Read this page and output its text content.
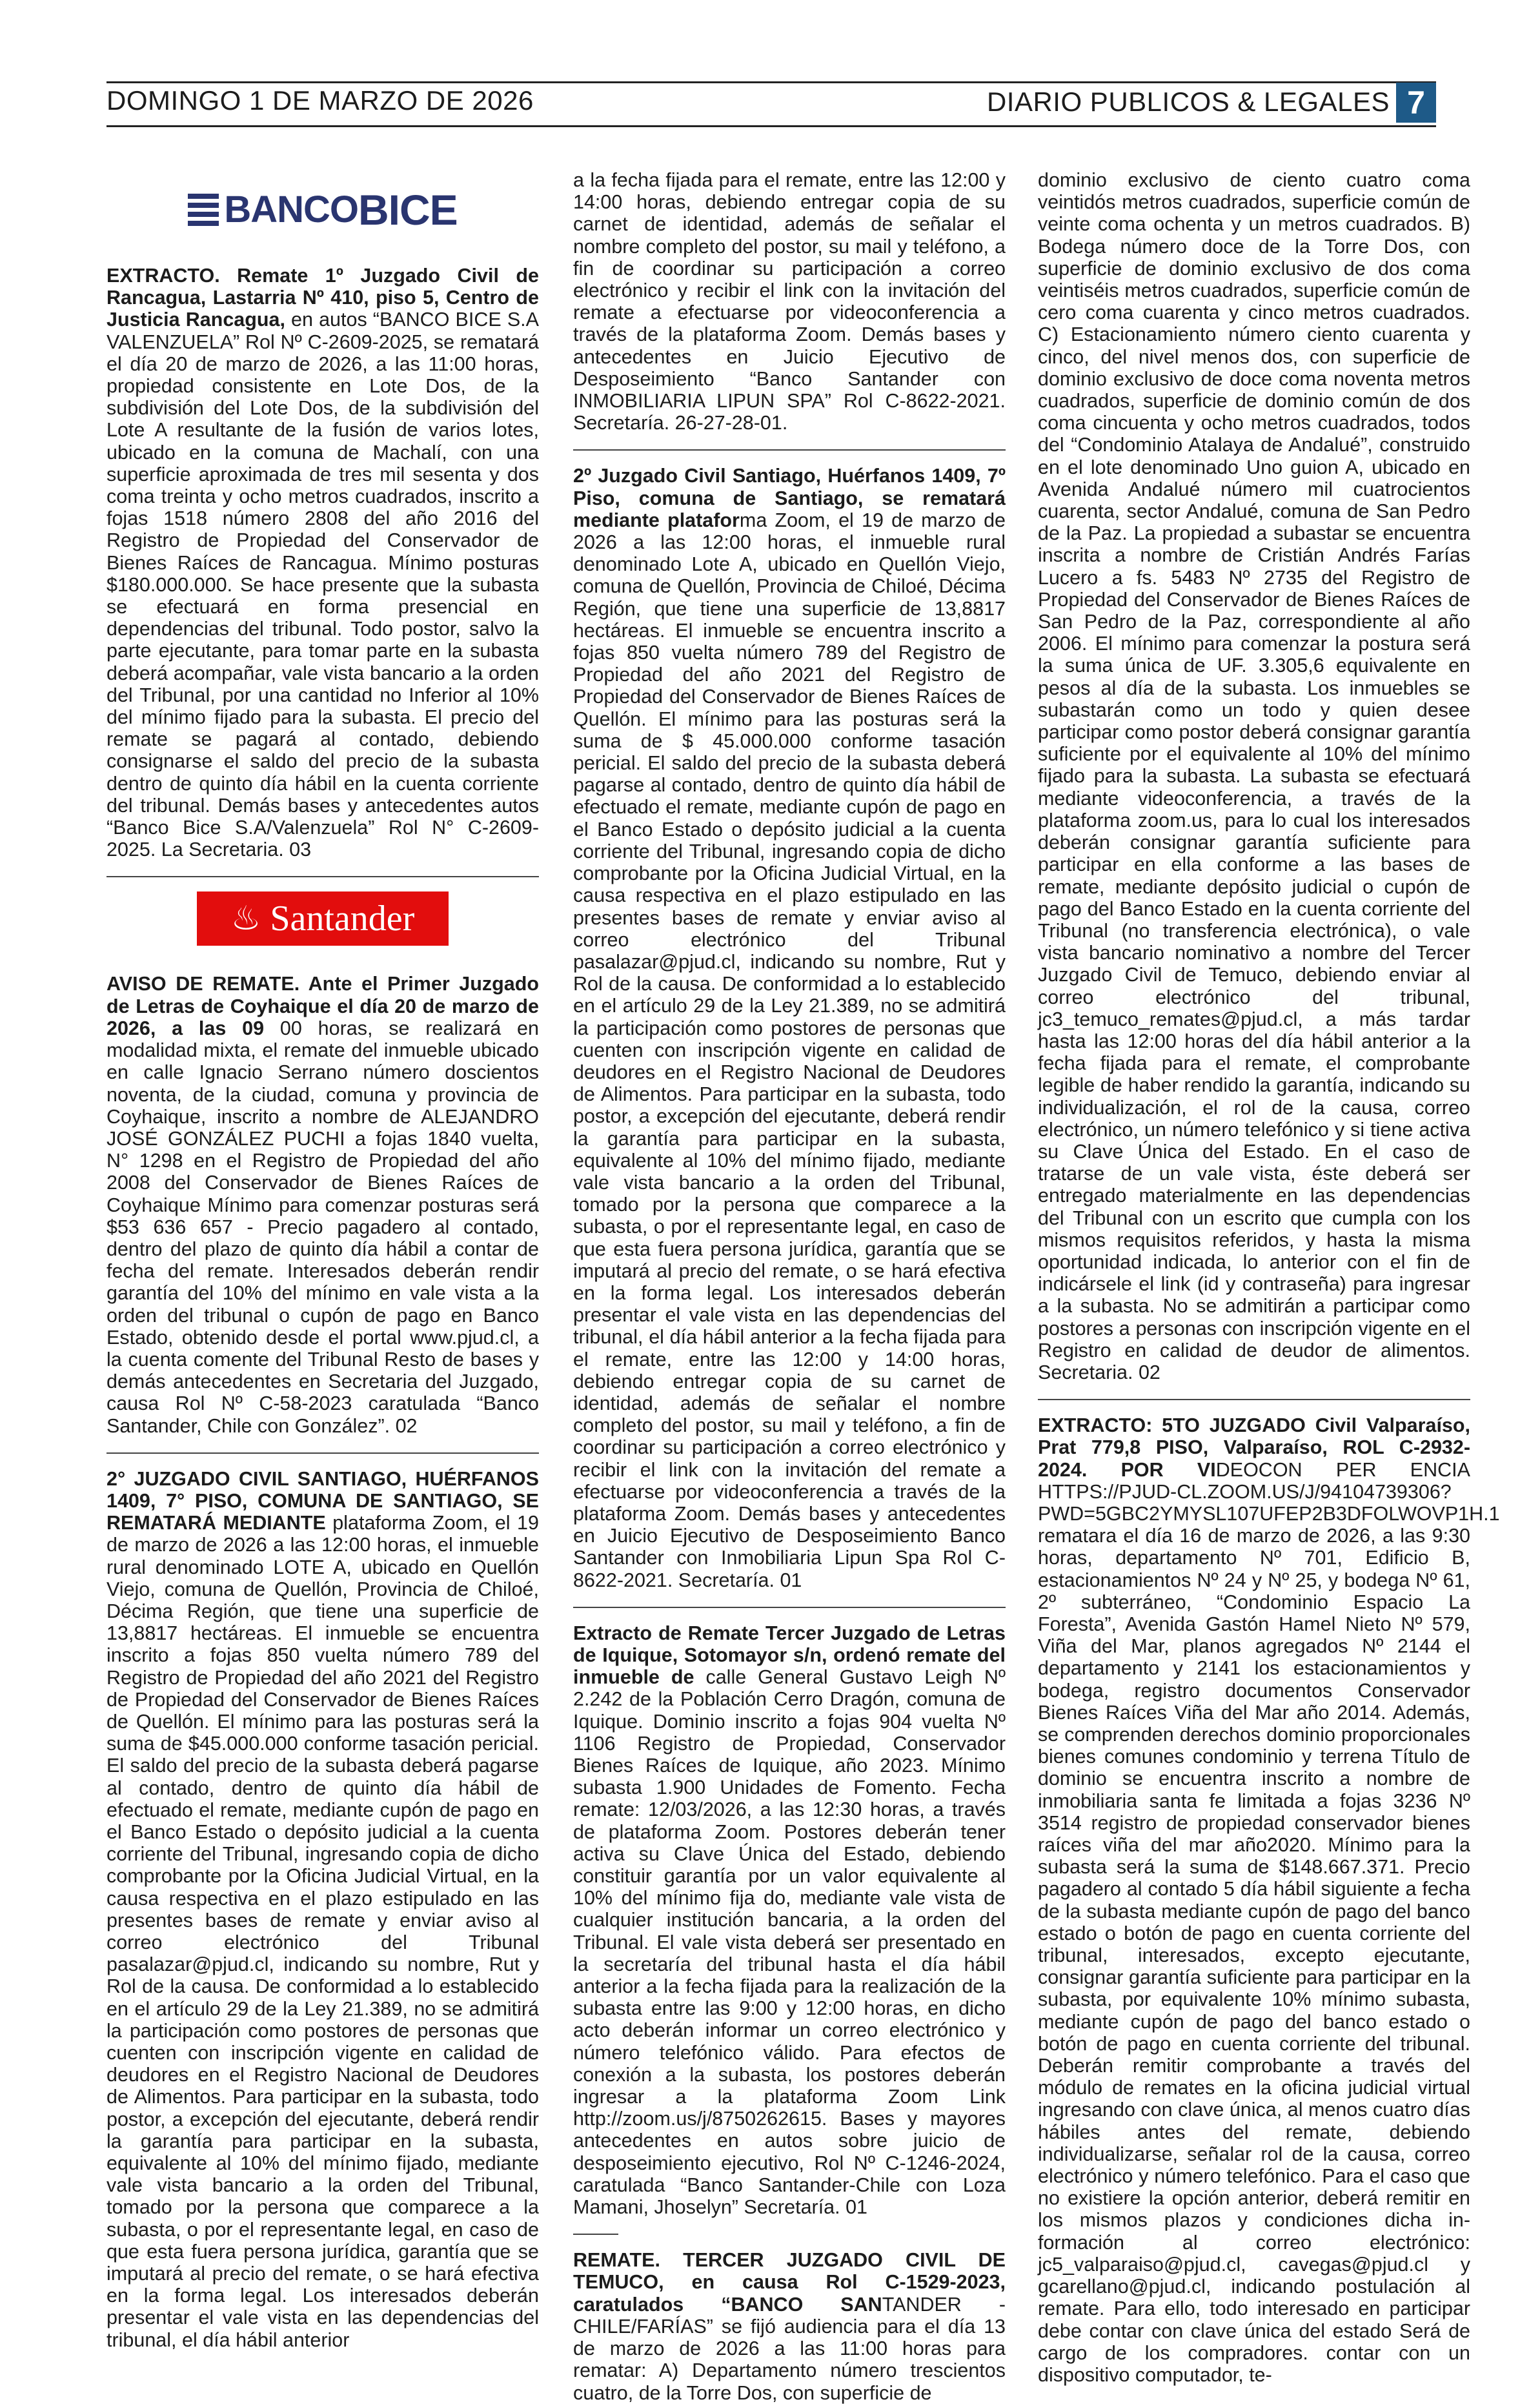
DOMINGO 1 DE MARZO DE 2026	DIARIO PUBLICOS & LEGALES 7
BANCO BICE

EXTRACTO. Remate 1º Juzgado Civil de Rancagua, Lastarria Nº 410, piso 5, Centro de Justicia Rancagua, en autos “BANCO BICE S.A VALENZUELA” Rol Nº C-2609-2025, se rematará el día 20 de marzo de 2026, a las 11:00 horas, propiedad consistente en Lote Dos, de la subdivisión del Lote Dos, de la subdivisión del Lote A resultante de la fusión de varios lotes, ubicado en la comuna de Machalí, con una superficie aproximada de tres mil sesenta y dos coma treinta y ocho metros cuadrados, inscrito a fojas 1518 número 2808 del año 2016 del Registro de Propiedad del Conservador de Bienes Raíces de Rancagua. Mínimo posturas $180.000.000. Se hace presente que la subasta se efectuará en forma presencial en dependencias del tribunal. Todo postor, salvo la parte ejecutante, para tomar parte en la subasta deberá acompañar, vale vista bancario a la orden del Tribunal, por una cantidad no Inferior al 10% del mínimo fijado para la subasta. El precio del remate se pagará al contado, debiendo consignarse el saldo del precio de la subasta dentro de quinto día hábil en la cuenta corriente del tribunal. Demás bases y antecedentes autos “Banco Bice S.A/Valenzuela” Rol N° C-2609-2025. La Secretaria. 03

♨ Santander

AVISO DE REMATE. Ante el Primer Juzgado de Letras de Coyhaique el día 20 de marzo de 2026, a las 09 00 horas, se realizará en modalidad mixta, el remate del inmueble ubicado en calle Ignacio Serrano número doscientos noventa, de la ciudad, comuna y provincia de Coyhaique, inscrito a nombre de ALEJANDRO JOSÉ GONZÁLEZ PUCHI a fojas 1840 vuelta, N° 1298 en el Registro de Propiedad del año 2008 del Conservador de Bienes Raíces de Coyhaique Mínimo para comenzar posturas será $53 636 657 - Precio pagadero al contado, dentro del plazo de quinto día hábil a contar de fecha del remate. Interesados deberán rendir garantía del 10% del mínimo en vale vista a la orden del tribunal o cupón de pago en Banco Estado, obtenido desde el portal www.pjud.cl, a la cuenta comente del Tribunal Resto de bases y demás antecedentes en Secretaria del Juzgado, causa Rol Nº C-58-2023 caratulada “Banco Santander, Chile con González”. 02

2° JUZGADO CIVIL SANTIAGO, HUÉRFANOS 1409, 7° PISO, COMUNA DE SANTIAGO, SE REMATARÁ MEDIANTE plataforma Zoom, el 19 de marzo de 2026 a las 12:00 horas, el inmueble rural denominado LOTE A, ubicado en Quellón Viejo, comuna de Quellón, Provincia de Chiloé, Décima Región, que tiene una superficie de 13,8817 hectáreas. El inmueble se encuentra inscrito a fojas 850 vuelta número 789 del Registro de Propiedad del año 2021 del Registro de Propiedad del Conservador de Bienes Raíces de Quellón. El mínimo para las posturas será la suma de $45.000.000 conforme tasación pericial. El saldo del precio de la subasta deberá pagarse al contado, dentro de quinto día hábil de efectuado el remate, mediante cupón de pago en el Banco Estado o depósito judicial a la cuenta corriente del Tribunal, ingresando copia de dicho comprobante por la Oficina Judicial Virtual, en la causa respectiva en el plazo estipulado en las presentes bases de remate y enviar aviso al correo electrónico del Tribunal pasalazar@pjud.cl, indicando su nombre, Rut y Rol de la causa. De conformidad a lo establecido en el artículo 29 de la Ley 21.389, no se admitirá la participación como postores de personas que cuenten con inscripción vigente en calidad de deudores en el Registro Nacional de Deudores de Alimentos. Para participar en la subasta, todo postor, a excepción del ejecutante, deberá rendir la garantía para participar en la subasta, equivalente al 10% del mínimo fijado, mediante vale vista bancario a la orden del Tribunal, tomado por la persona que comparece a la subasta, o por el representante legal, en caso de que esta fuera persona jurídica, garantía que se imputará al precio del remate, o se hará efectiva en la forma legal. Los interesados deberán presentar el vale vista en las dependencias del tribunal, el día hábil anterior

a la fecha fijada para el remate, entre las 12:00 y 14:00 horas, debiendo entregar copia de su carnet de identidad, además de señalar el nombre completo del postor, su mail y teléfono, a fin de coordinar su participación a correo electrónico y recibir el link con la invitación del remate a efectuarse por videoconferencia a través de la plataforma Zoom. Demás bases y antecedentes en Juicio Ejecutivo de Desposeimiento “Banco Santander con INMOBILIARIA LIPUN SPA” Rol C-8622-2021. Secretaría. 26-27-28-01.

2º Juzgado Civil Santiago, Huérfanos 1409, 7º Piso, comuna de Santiago, se rematará mediante plataforma Zoom, el 19 de marzo de 2026 a las 12:00 horas, el inmueble rural denominado Lote A, ubicado en Quellón Viejo, comuna de Quellón, Provincia de Chiloé, Décima Región, que tiene una superficie de 13,8817 hectáreas. El inmueble se encuentra inscrito a fojas 850 vuelta número 789 del Registro de Propiedad del año 2021 del Registro de Propiedad del Conservador de Bienes Raíces de Quellón. El mínimo para las posturas será la suma de $ 45.000.000 conforme tasación pericial. El saldo del precio de la subasta deberá pagarse al contado, dentro de quinto día hábil de efectuado el remate, mediante cupón de pago en el Banco Estado o depósito judicial a la cuenta corriente del Tribunal, ingresando copia de dicho comprobante por la Oficina Judicial Virtual, en la causa respectiva en el plazo estipulado en las presentes bases de remate y enviar aviso al correo electrónico del Tribunal pasalazar@pjud.cl, indicando su nombre, Rut y Rol de la causa. De conformidad a lo establecido en el artículo 29 de la Ley 21.389, no se admitirá la participación como postores de personas que cuenten con inscripción vigente en calidad de deudores en el Registro Nacional de Deudores de Alimentos. Para participar en la subasta, todo postor, a excepción del ejecutante, deberá rendir la garantía para participar en la subasta, equivalente al 10% del mínimo fijado, mediante vale vista bancario a la orden del Tribunal, tomado por la persona que comparece a la subasta, o por el representante legal, en caso de que esta fuera persona jurídica, garantía que se imputará al precio del remate, o se hará efectiva en la forma legal. Los interesados deberán presentar el vale vista en las dependencias del tribunal, el día hábil anterior a la fecha fijada para el remate, entre las 12:00 y 14:00 horas, debiendo entregar copia de su carnet de identidad, además de señalar el nombre completo del postor, su mail y teléfono, a fin de coordinar su participación a correo electrónico y recibir el link con la invitación del remate a efectuarse por videoconferencia a través de la plataforma Zoom. Demás bases y antecedentes en Juicio Ejecutivo de Desposeimiento Banco Santander con Inmobiliaria Lipun Spa Rol C-8622-2021. Secretaría. 01

Extracto de Remate Tercer Juzgado de Letras de Iquique, Sotomayor s/n, ordenó remate del inmueble de calle General Gustavo Leigh Nº 2.242 de la Población Cerro Dragón, comuna de Iquique. Dominio inscrito a fojas 904 vuelta Nº 1106 Registro de Propiedad, Conservador Bienes Raíces de Iquique, año 2023. Mínimo subasta 1.900 Unidades de Fomento. Fecha remate: 12/03/2026, a las 12:30 horas, a través de plataforma Zoom. Postores deberán tener activa su Clave Única del Estado, debiendo constituir garantía por un valor equivalente al 10% del mínimo fija do, mediante vale vista de cualquier institución bancaria, a la orden del Tribunal. El vale vista deberá ser presentado en la secretaría del tribunal hasta el día hábil anterior a la fecha fijada para la realización de la subasta entre las 9:00 y 12:00 horas, en dicho acto deberán informar un correo electrónico y número telefónico válido. Para efectos de conexión a la subasta, los postores deberán ingresar a la plataforma Zoom Link http://zoom.us/j/8750262615. Bases y mayores antecedentes en autos sobre juicio de desposeimiento ejecutivo, Rol Nº C-1246-2024, caratulada “Banco Santander-Chile con Loza Mamani, Jhoselyn” Secretaría. 01

REMATE. TERCER JUZGADO CIVIL DE TEMUCO, en causa Rol C-1529-2023, caratulados “BANCO SANTANDER -CHILE/FARÍAS” se fijó audiencia para el día 13 de marzo de 2026 a las 11:00 horas para rematar: A) Departamento número trescientos cuatro, de la Torre Dos, con superficie de

dominio exclusivo de ciento cuatro coma veintidós metros cuadrados, superficie común de veinte coma ochenta y un metros cuadrados. B) Bodega número doce de la Torre Dos, con superficie de dominio exclusivo de dos coma veintiséis metros cuadrados, superficie común de cero coma cuarenta y cinco metros cuadrados. C) Estacionamiento número ciento cuarenta y cinco, del nivel menos dos, con superficie de dominio exclusivo de doce coma noventa metros cuadrados, superficie de dominio común de dos coma cincuenta y ocho metros cuadrados, todos del “Condominio Atalaya de Andalué”, construido en el lote denominado Uno guion A, ubicado en Avenida Andalué número mil cuatrocientos cuarenta, sector Andalué, comuna de San Pedro de la Paz. La propiedad a subastar se encuentra inscrita a nombre de Cristián Andrés Farías Lucero a fs. 5483 Nº 2735 del Registro de Propiedad del Conservador de Bienes Raíces de San Pedro de la Paz, correspondiente al año 2006. El mínimo para comenzar la postura será la suma única de UF. 3.305,6 equivalente en pesos al día de la subasta. Los inmuebles se subastarán como un todo y quien desee participar como postor deberá consignar garantía suficiente por el equivalente al 10% del mínimo fijado para la subasta. La subasta se efectuará mediante videoconferencia, a través de la plataforma zoom.us, para lo cual los interesados deberán consignar garantía suficiente para participar en ella conforme a las bases de remate, mediante depósito judicial o cupón de pago del Banco Estado en la cuenta corriente del Tribunal (no transferencia electrónica), o vale vista bancario nominativo a nombre del Tercer Juzgado Civil de Temuco, debiendo enviar al correo electrónico del tribunal, jc3_temuco_remates@pjud.cl, a más tardar hasta las 12:00 horas del día hábil anterior a la fecha fijada para el remate, el comprobante legible de haber rendido la garantía, indicando su individualización, el rol de la causa, correo electrónico, un número telefónico y si tiene activa su Clave Única del Estado. En el caso de tratarse de un vale vista, éste deberá ser entregado materialmente en las dependencias del Tribunal con un escrito que cumpla con los mismos requisitos referidos, y hasta la misma oportunidad indicada, lo anterior con el fin de indicársele el link (id y contraseña) para ingresar a la subasta. No se admitirán a participar como postores a personas con inscripción vigente en el Registro en calidad de deudor de alimentos. Secretaria. 02

EXTRACTO: 5TO JUZGADO Civil Valparaíso, Prat 779,8 PISO, Valparaíso, ROL C-2932-2024. POR VIDEOCON PER ENCIA HTTPS://PJUD-CL.ZOOM.US/J/94104739306?PWD=5GBC2YMYSL107UFEP2B3DFOLWOVP1H.1 rematara el día 16 de marzo de 2026, a las 9:30 horas, departamento Nº 701, Edificio B, estacionamientos Nº 24 y Nº 25, y bodega Nº 61, 2º subterráneo, “Condominio Espacio La Foresta”, Avenida Gastón Hamel Nieto Nº 579, Viña del Mar, planos agregados Nº 2144 el departamento y 2141 los estacionamientos y bodega, registro documentos Conservador Bienes Raíces Viña del Mar año 2014. Además, se comprenden derechos dominio proporcionales bienes comunes condominio y terrena Título de dominio se encuentra inscrito a nombre de inmobiliaria santa fe limitada a fojas 3236 Nº 3514 registro de propiedad conservador bienes raíces viña del mar año2020. Mínimo para la subasta será la suma de $148.667.371. Precio pagadero al contado 5 día hábil siguiente a fecha de la subasta mediante cupón de pago del banco estado o botón de pago en cuenta corriente del tribunal, interesados, excepto ejecutante, consignar garantía suficiente para participar en la subasta, por equivalente 10% mínimo subasta, mediante cupón de pago del banco estado o botón de pago en cuenta corriente del tribunal. Deberán remitir comprobante a través del módulo de remates en la oficina judicial virtual ingresando con clave única, al menos cuatro días hábiles antes del remate, debiendo individualizarse, señalar rol de la causa, correo electrónico y número telefónico. Para el caso que no existiere la opción anterior, deberá remitir en los mismos plazos y condiciones dicha in-formación al correo electrónico: jc5_valparaiso@pjud.cl, cavegas@pjud.cl y gcarellano@pjud.cl, indicando postulación al remate. Para ello, todo interesado en participar debe contar con clave única del estado Será de cargo de los compradores. contar con un dispositivo computador, te-
